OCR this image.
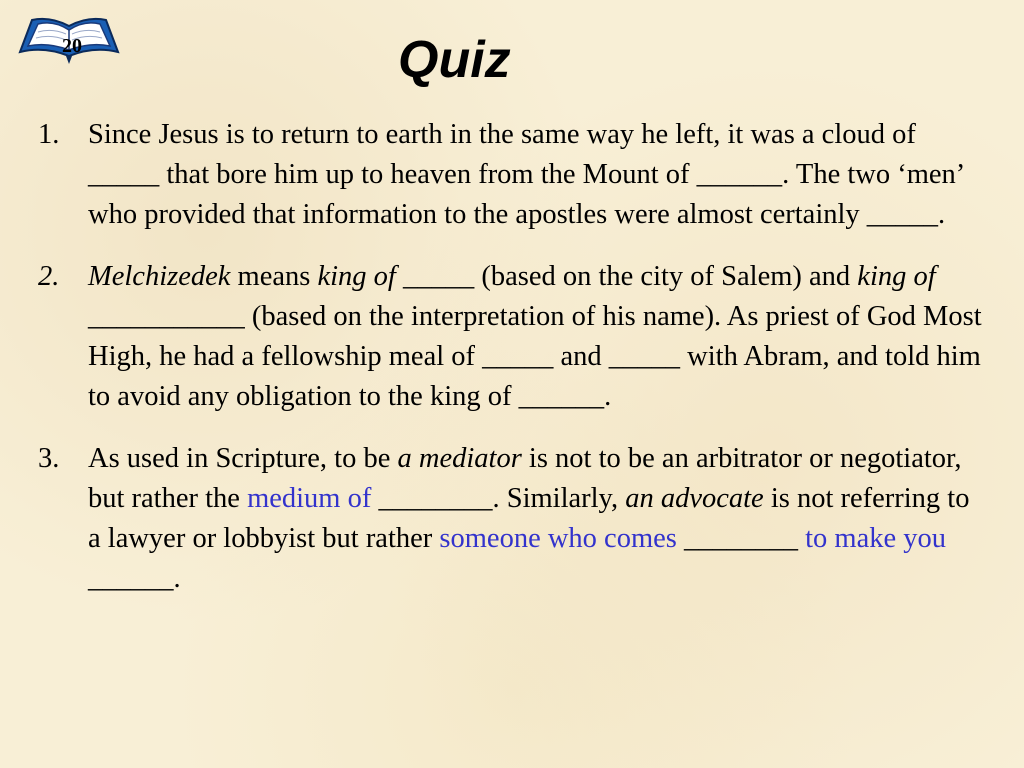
20	Quiz
1.	Since Jesus is to return to earth in the same way he left, it was a cloud of _____ that bore him up to heaven from the Mount of ______. The two ‘men’ who provided that information to the apostles were almost certainly _____.
2.	Melchizedek means king of _____ (based on the city of Salem) and king of ___________ (based on the interpretation of his name). As priest of God Most High, he had a fellowship meal of _____ and _____ with Abram, and told him to avoid any obligation to the king of ______.
3.	As used in Scripture, to be a mediator is not to be an arbitrator or negotiator, but rather the medium of ________. Similarly, an advocate is not referring to a lawyer or lobbyist but rather someone who comes ________ to make you ______.
